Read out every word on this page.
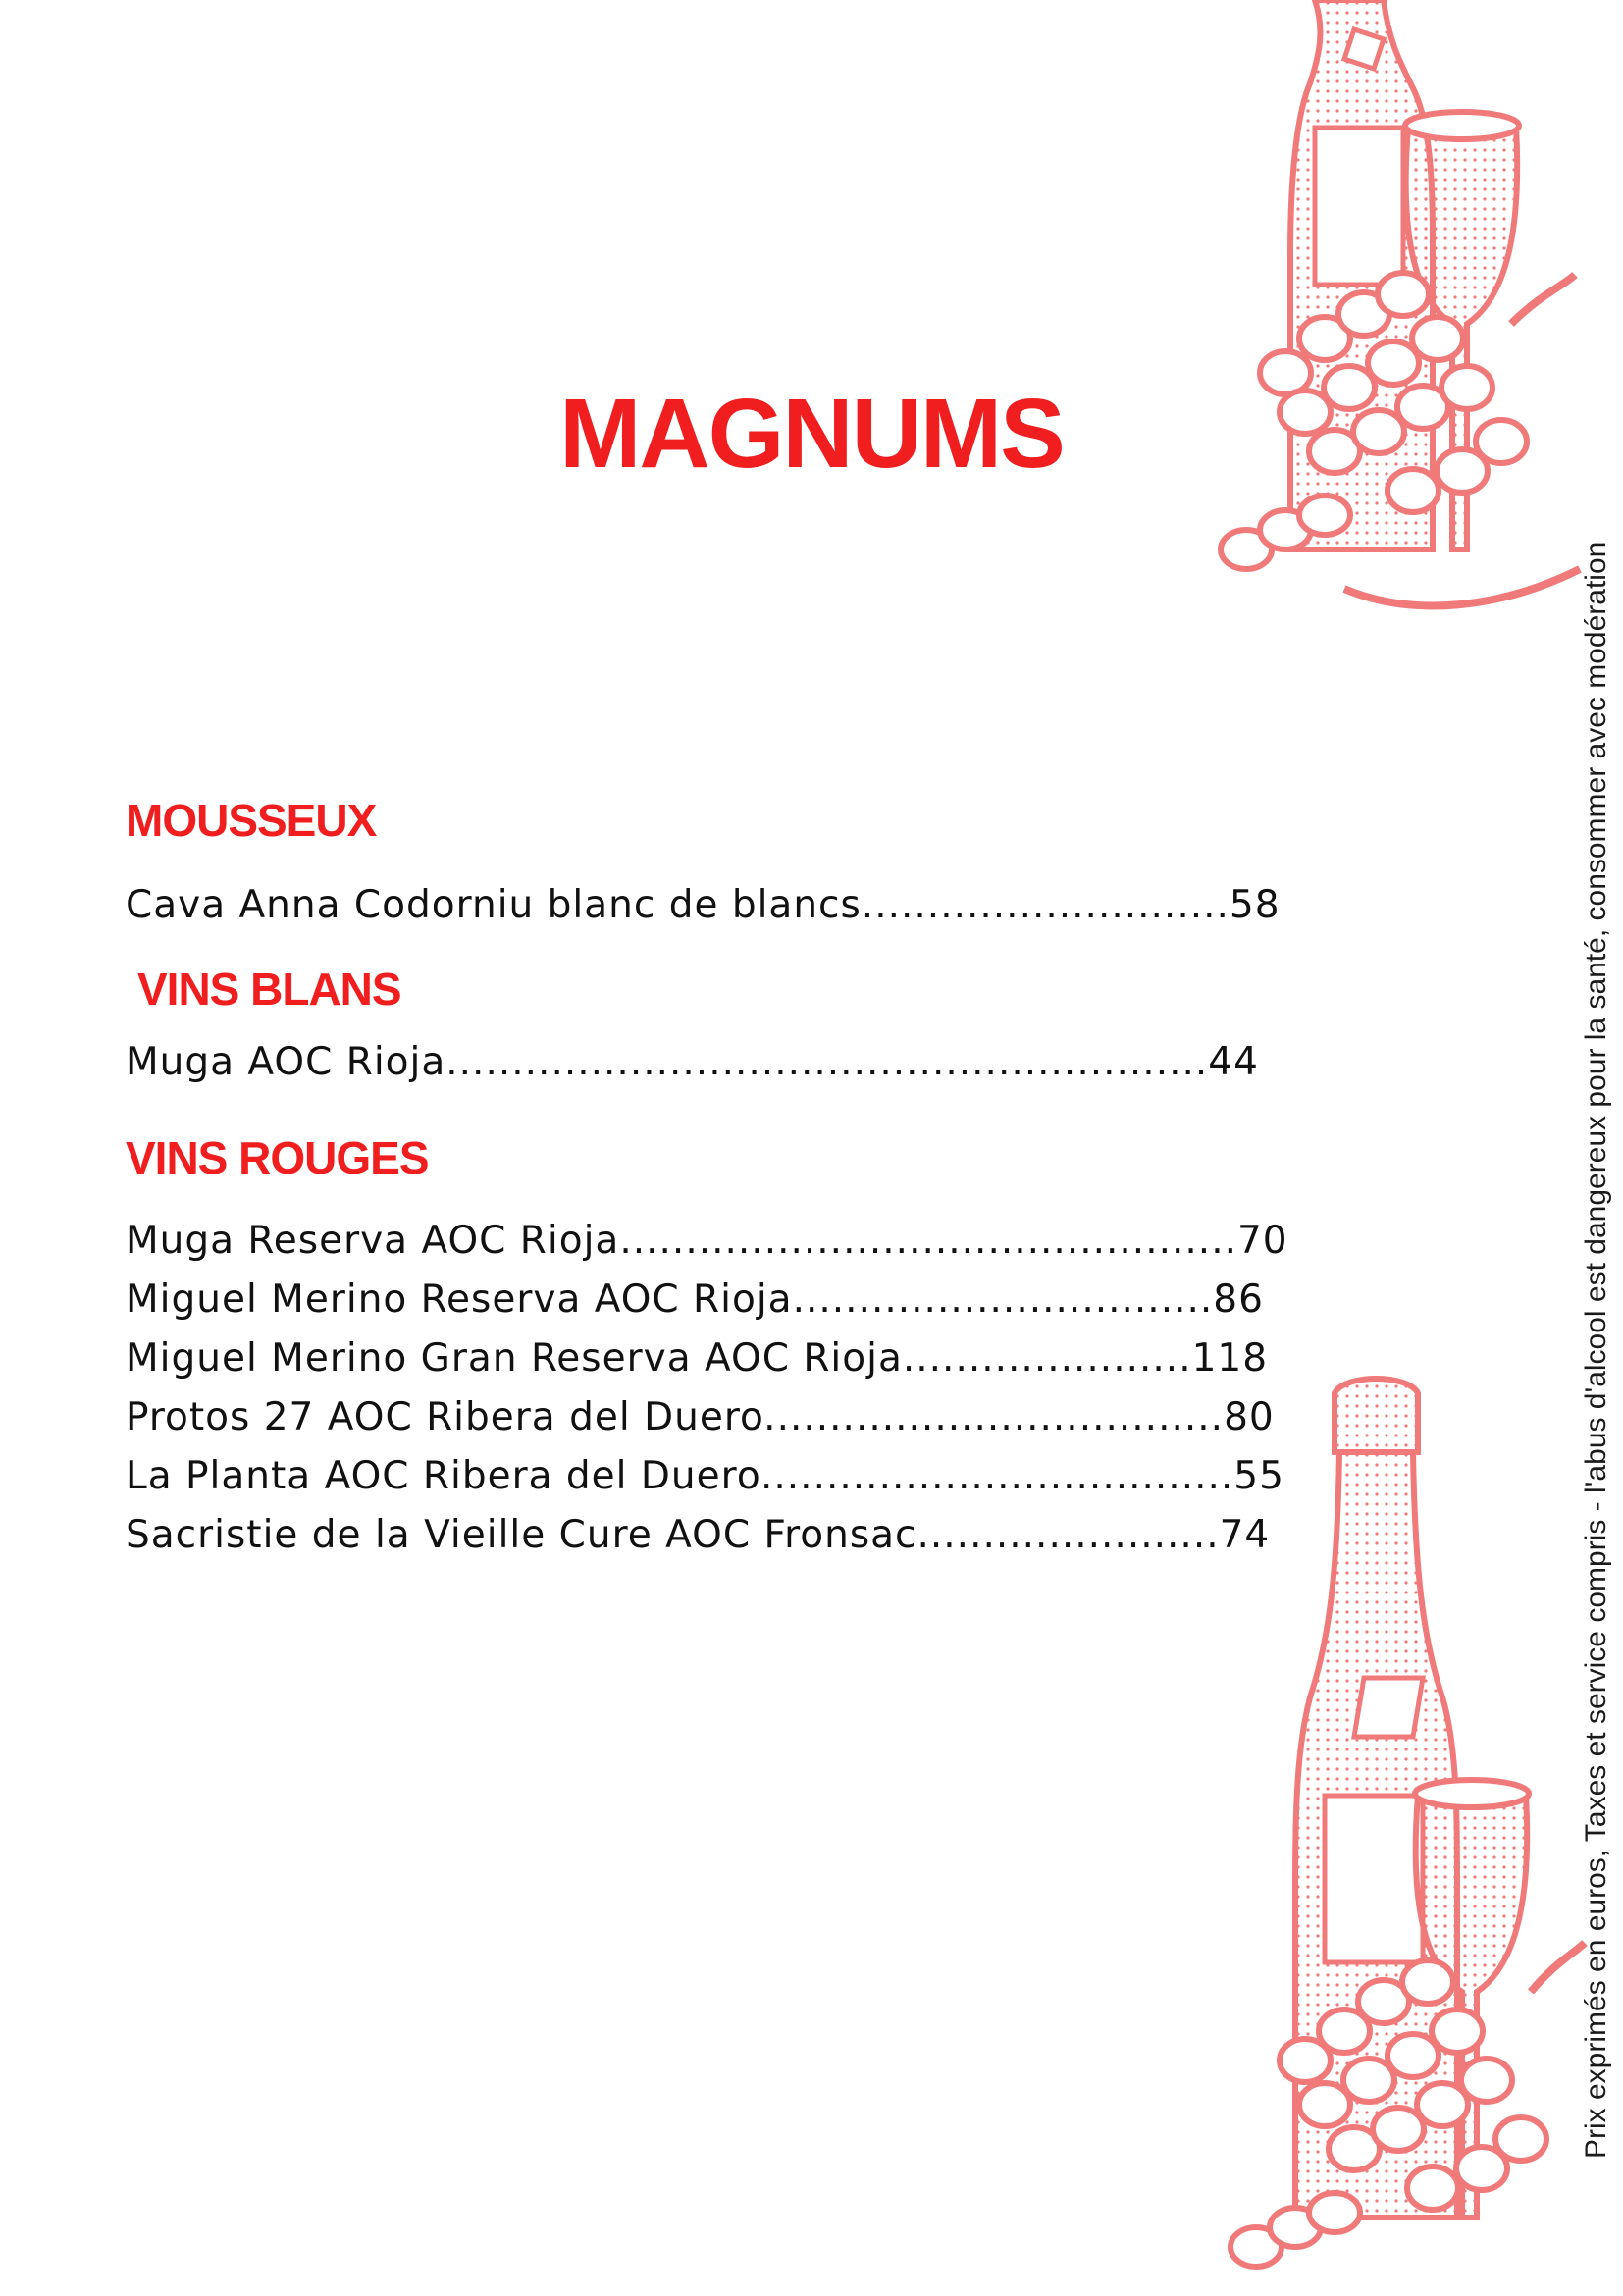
MAGNUMS
MOUSSEUX

Cava Anna Codorniu blanc de blancs............................58

VINS BLANS

Muga AOC Rioja..........................................................44

VINS ROUGES

Muga Reserva AOC Rioja...............................................70

Miguel Merino Reserva AOC Rioja................................86

Miguel Merino Gran Reserva AOC Rioja......................118

Protos 27 AOC Ribera del Duero...................................80

La Planta AOC Ribera del Duero....................................55

Sacristie de la Vieille Cure AOC Fronsac.......................74	Prix exprimés en euros, Taxes et service compris - l'abus d'alcool est dangereux pour la santé, consommer avec modération
